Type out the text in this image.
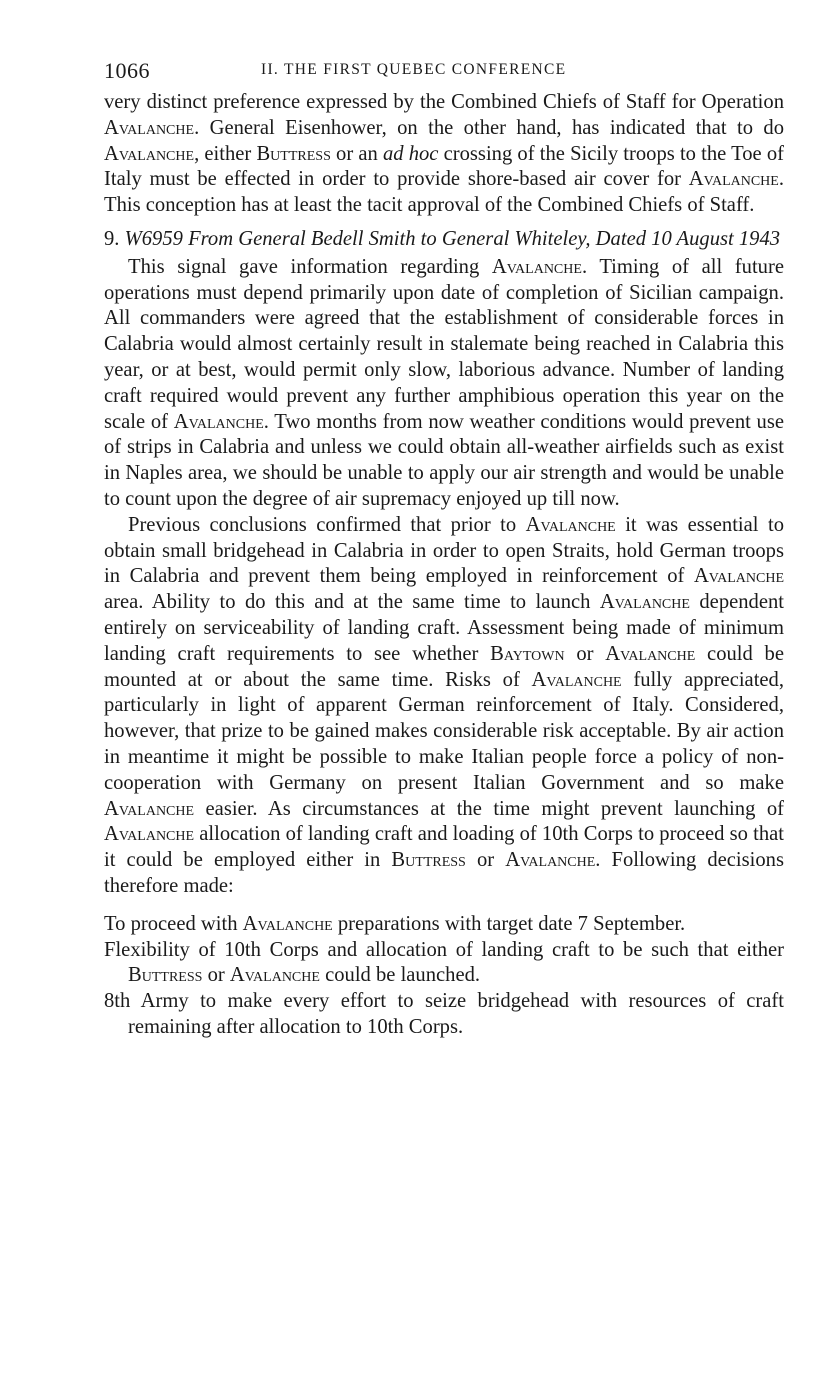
1066	II. THE FIRST QUEBEC CONFERENCE

very distinct preference expressed by the Combined Chiefs of Staff for Operation Avalanche. General Eisenhower, on the other hand, has indicated that to do Avalanche, either Buttress or an ad hoc crossing of the Sicily troops to the Toe of Italy must be effected in order to provide shore-based air cover for Avalanche. This conception has at least the tacit approval of the Combined Chiefs of Staff.

9. W6959 From General Bedell Smith to General Whiteley, Dated 10 August 1943

This signal gave information regarding Avalanche. Timing of all future operations must depend primarily upon date of completion of Sicilian campaign. All commanders were agreed that the establishment of considerable forces in Calabria would almost certainly result in stalemate being reached in Calabria this year, or at best, would permit only slow, laborious advance. Number of landing craft required would prevent any further amphibious operation this year on the scale of Avalanche. Two months from now weather conditions would prevent use of strips in Calabria and unless we could obtain all-weather airfields such as exist in Naples area, we should be unable to apply our air strength and would be unable to count upon the degree of air supremacy enjoyed up till now.

Previous conclusions confirmed that prior to Avalanche it was essential to obtain small bridgehead in Calabria in order to open Straits, hold German troops in Calabria and prevent them being employed in reinforcement of Avalanche area. Ability to do this and at the same time to launch Avalanche dependent entirely on serviceability of landing craft. Assessment being made of minimum landing craft requirements to see whether Baytown or Avalanche could be mounted at or about the same time. Risks of Avalanche fully appreciated, particularly in light of apparent German reinforcement of Italy. Considered, however, that prize to be gained makes considerable risk acceptable. By air action in meantime it might be possible to make Italian people force a policy of non-cooperation with Germany on present Italian Government and so make Avalanche easier. As circumstances at the time might prevent launching of Avalanche allocation of landing craft and loading of 10th Corps to proceed so that it could be employed either in Buttress or Avalanche. Following decisions therefore made:

To proceed with Avalanche preparations with target date 7 September.

Flexibility of 10th Corps and allocation of landing craft to be such that either Buttress or Avalanche could be launched.

8th Army to make every effort to seize bridgehead with resources of craft remaining after allocation to 10th Corps.
